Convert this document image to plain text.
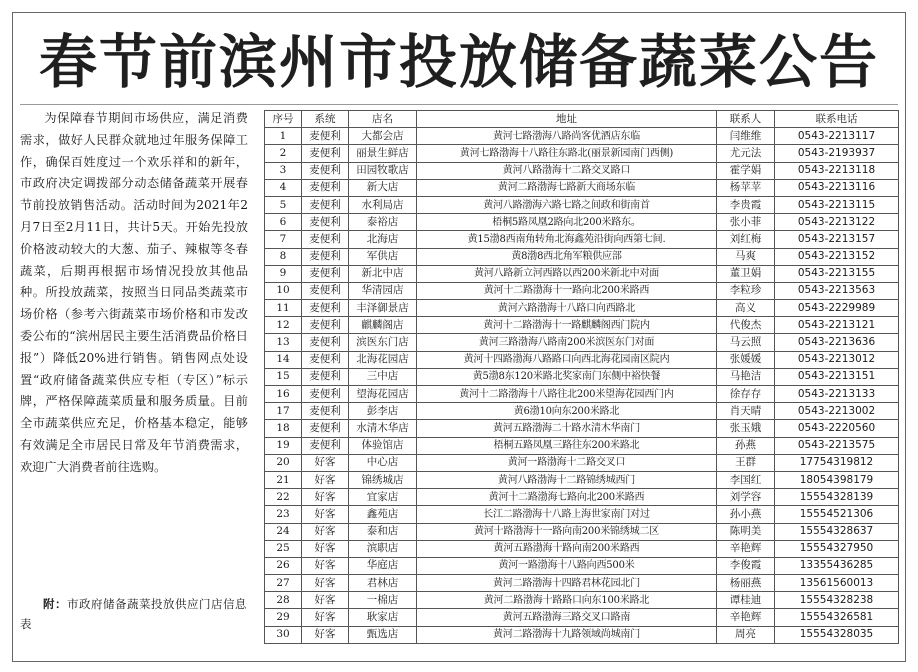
春节前滨州市投放储备蔬菜公告

为保障春节期间市场供应，满足消费需求，做好人民群众就地过年服务保障工作，确保百姓度过一个欢乐祥和的新年，市政府决定调拨部分动态储备蔬菜开展春节前投放销售活动。活动时间为2021年2月7日至2月11日，共计5天。开始先投放价格波动较大的大葱、茄子、辣椒等冬春蔬菜，后期再根据市场情况投放其他品种。所投放蔬菜，按照当日同品类蔬菜市场价格（参考六街蔬菜市场价格和市发改委公布的“滨州居民主要生活消费品价格日报”）降低20%进行销售。销售网点处设置“政府储备蔬菜供应专柜（专区）”标示牌，严格保障蔬菜质量和服务质量。目前全市蔬菜供应充足，价格基本稳定，能够有效满足全市居民日常及年节消费需求，欢迎广大消费者前往选购。

附：市政府储备蔬菜投放供应门店信息表
序号	系统	店名	地址	联系人	联系电话
1	麦便利	大都会店	黄河七路渤海八路尚客优酒店东临	闫维维	0543-2213117
2	麦便利	丽景生鲜店	黄河七路渤海十八路往东路北(丽景新园南门西侧)	尤元法	0543-2193937
3	麦便利	田园牧歌店	黄河八路渤海十二路交叉路口	霍学娟	0543-2213118
4	麦便利	新大店	黄河二路渤海七路新大商场东临	杨苹苹	0543-2213116
5	麦便利	水利局店	黄河八路渤海六路七路之间政和街南首	李贵霞	0543-2213115
6	麦便利	泰裕店	梧桐5路凤凰2路向北200米路东。	张小菲	0543-2213122
7	麦便利	北海店	黄15渤8西南角转角北海鑫苑沿街向西第七间.	刘红梅	0543-2213157
8	麦便利	军供店	黄8渤8西北角军粮供应部	马爽	0543-2213152
9	麦便利	新北中店	黄河八路新立河西路以西200米新北中对面	董卫娟	0543-2213155
10	麦便利	华清园店	黄河十二路渤海十一路向北200米路西	李粒珍	0543-2213563
11	麦便利	丰泽御景店	黄河六路渤海十八路口向西路北	高义	0543-2229989
12	麦便利	麒麟阁店	黄河十二路渤海十一路麒麟阁西门院内	代俊杰	0543-2213121
13	麦便利	滨医东门店	黄河三路渤海八路南200米滨医东门对面	马云照	0543-2213636
14	麦便利	北海花园店	黄河十四路渤海八路路口向西北海花园南区院内	张媛媛	0543-2213012
15	麦便利	三中店	黄5渤8东120米路北奖家南门东侧中裕快餐	马艳洁	0543-2213151
16	麦便利	望海花园店	黄河十二路渤海十八路往北200米望海花园西门内	徐存存	0543-2213133
17	麦便利	彭李店	黄6渤10向东200米路北	肖天晴	0543-2213002
18	麦便利	水清木华店	黄河五路渤海二十路水清木华南门	张玉娥	0543-2220560
19	麦便利	体验馆店	梧桐五路凤凰三路往东200米路北	孙燕	0543-2213575
20	好客	中心店	黄河一路渤海十二路交叉口	王群	17754319812
21	好客	锦绣城店	黄河八路渤海十二路锦绣城西门	李国红	18054398179
22	好客	宜家店	黄河十二路渤海七路向北200米路西	刘学容	15554328139
23	好客	鑫苑店	长江二路渤海十八路上海世家南门对过	孙小燕	15554521306
24	好客	泰和店	黄河十路渤海十一路向南200米锦绣城二区	陈明美	15554328637
25	好客	滨职店	黄河五路渤海十路向南200米路西	辛艳辉	15554327950
26	好客	华庭店	黄河一路渤海十八路向西500米	李俊霞	13355436285
27	好客	君林店	黄河二路渤海十四路君林花园北门	杨丽燕	13561560013
28	好客	一棉店	黄河二路渤海十路路口向东100米路北	谭桂迪	15554328238
29	好客	耿家店	黄河五路渤海三路交叉口路南	辛艳辉	15554326581
30	好客	甄选店	黄河二路渤海十九路领域尚城南门	周亮	15554328035
